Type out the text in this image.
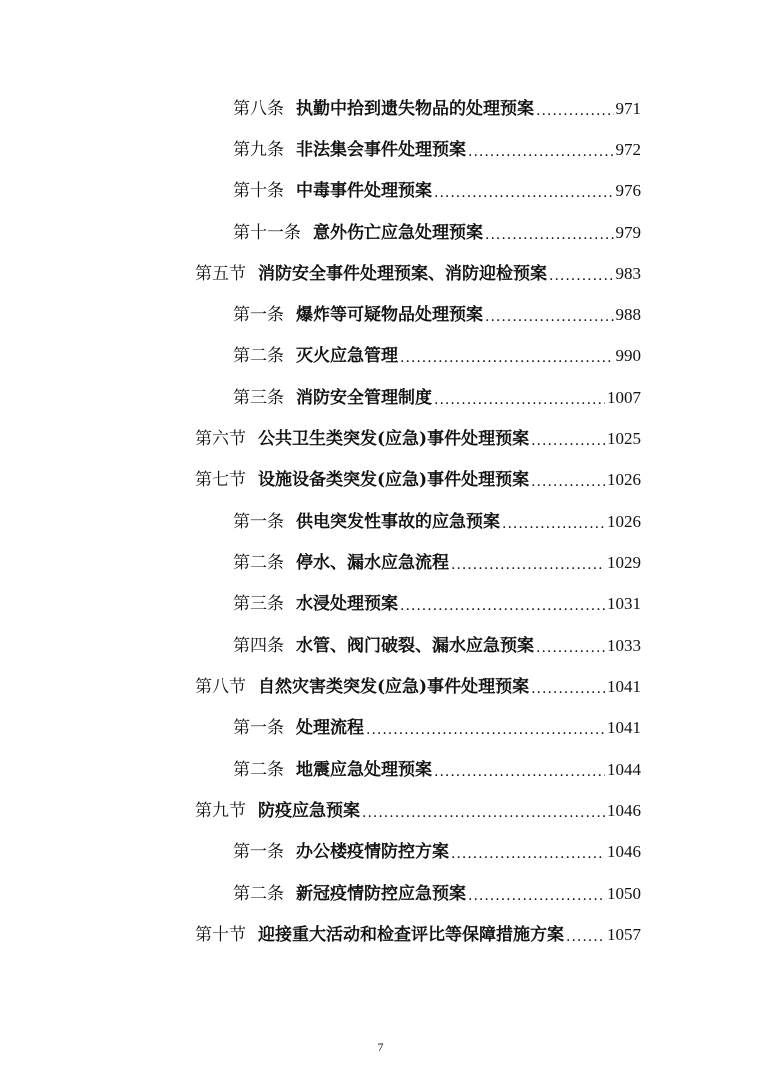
第八条 执勤中拾到遗失物品的处理预案 .....	971
第九条 非法集会事件处理预案 .....	972
第十条 中毒事件处理预案 .....	976
第十一条 意外伤亡应急处理预案 .....	979
第五节 消防安全事件处理预案、消防迎检预案 .....	983
第一条 爆炸等可疑物品处理预案 .....	988
第二条 灭火应急管理 .....	990
第三条 消防安全管理制度 .....	1007
第六节 公共卫生类突发(应急)事件处理预案 .....	1025
第七节 设施设备类突发(应急)事件处理预案 .....	1026
第一条 供电突发性事故的应急预案 .....	1026
第二条 停水、漏水应急流程 .....	1029
第三条 水浸处理预案 .....	1031
第四条 水管、阀门破裂、漏水应急预案 .....	1033
第八节 自然灾害类突发(应急)事件处理预案 .....	1041
第一条 处理流程 .....	1041
第二条 地震应急处理预案 .....	1044
第九节 防疫应急预案 .....	1046
第一条 办公楼疫情防控方案 .....	1046
第二条 新冠疫情防控应急预案 .....	1050
第十节 迎接重大活动和检查评比等保障措施方案 .....	1057
7
